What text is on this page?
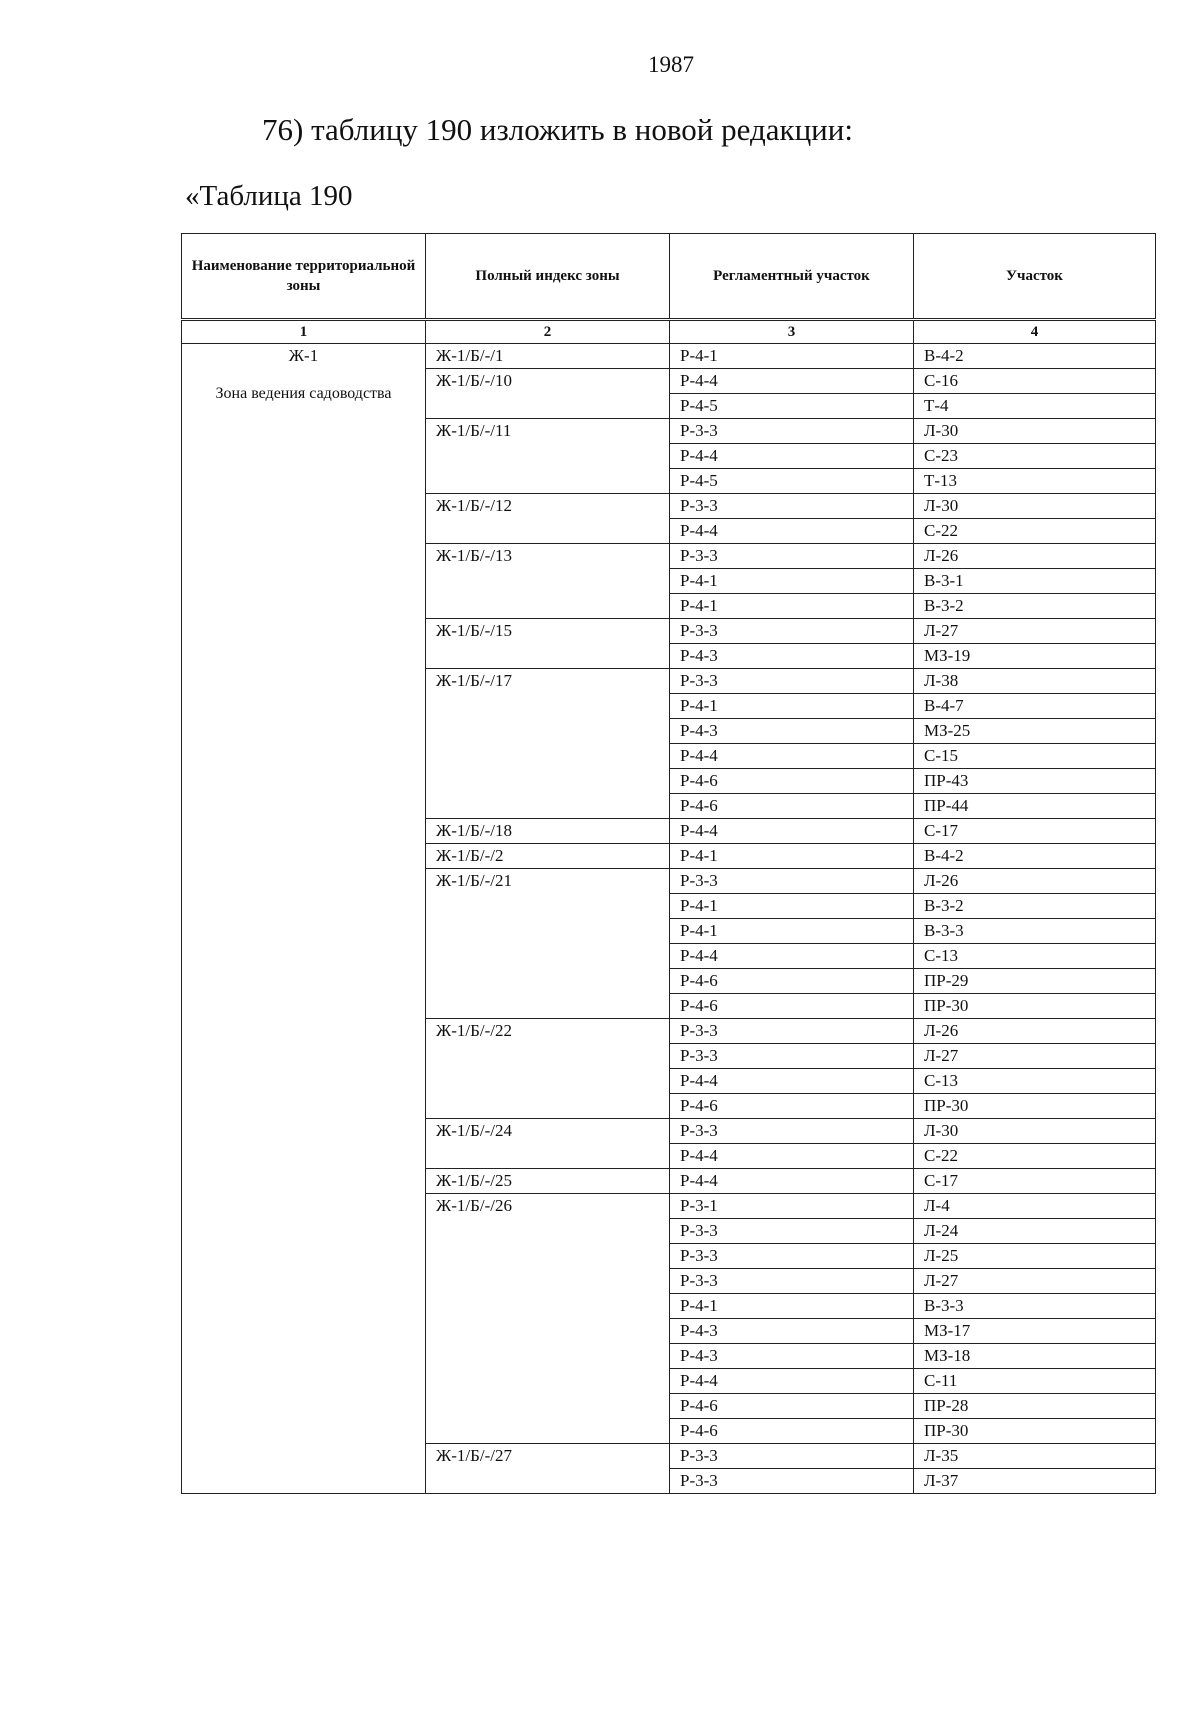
1987
76) таблицу 190 изложить в новой редакции:
«Таблица 190
Наименование территориальной зоны	Полный индекс зоны	Регламентный участок	Участок
1	2	3	4

Ж-1
Зона ведения садоводства	Ж-1/Б/-/1	Р-4-1	В-4-2
	Ж-1/Б/-/10	Р-4-4	С-16
		Р-4-5	Т-4
	Ж-1/Б/-/11	Р-3-3	Л-30
		Р-4-4	С-23
		Р-4-5	Т-13
	Ж-1/Б/-/12	Р-3-3	Л-30
		Р-4-4	С-22
	Ж-1/Б/-/13	Р-3-3	Л-26
		Р-4-1	В-3-1
		Р-4-1	В-3-2
	Ж-1/Б/-/15	Р-3-3	Л-27
		Р-4-3	МЗ-19
	Ж-1/Б/-/17	Р-3-3	Л-38
		Р-4-1	В-4-7
		Р-4-3	МЗ-25
		Р-4-4	С-15
		Р-4-6	ПР-43
		Р-4-6	ПР-44
	Ж-1/Б/-/18	Р-4-4	С-17
	Ж-1/Б/-/2	Р-4-1	В-4-2
	Ж-1/Б/-/21	Р-3-3	Л-26
		Р-4-1	В-3-2
		Р-4-1	В-3-3
		Р-4-4	С-13
		Р-4-6	ПР-29
		Р-4-6	ПР-30
	Ж-1/Б/-/22	Р-3-3	Л-26
		Р-3-3	Л-27
		Р-4-4	С-13
		Р-4-6	ПР-30
	Ж-1/Б/-/24	Р-3-3	Л-30
		Р-4-4	С-22
	Ж-1/Б/-/25	Р-4-4	С-17
	Ж-1/Б/-/26	Р-3-1	Л-4
		Р-3-3	Л-24
		Р-3-3	Л-25
		Р-3-3	Л-27
		Р-4-1	В-3-3
		Р-4-3	МЗ-17
		Р-4-3	МЗ-18
		Р-4-4	С-11
		Р-4-6	ПР-28
		Р-4-6	ПР-30
	Ж-1/Б/-/27	Р-3-3	Л-35
		Р-3-3	Л-37
